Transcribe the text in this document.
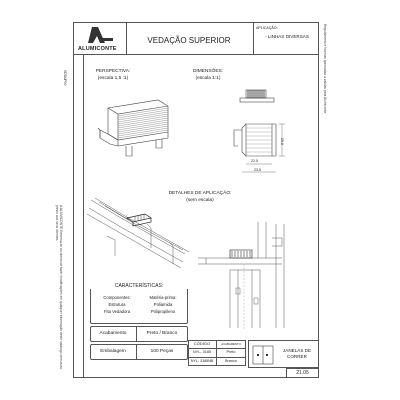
ALUMICONTE
VEDAÇÃO SUPERIOR
APLICAÇÃO:
- LINHAS DIVERSAS
VDSUP00	Regulamento e Normas aprovadas a validas pela Alumiconte
A ALUMICONTE Reserva-se ao direito de fazer modificações em qualquer informação deste catálogo sem aviso prévio aos seus clientes.
PERSPECTIVA:
(escala 1,5 :1)
DIMENSÕES:
(escala 1:1)
29,6
22,5
23,5
DETALHES DE APLICAÇÃO:
(sem escala)
CARACTERÍSTICAS:
Componentes:	Matéria-prima:
Estrutura	Poliamida
Fita Vedadora	Polipropileno
Acabamento	Preto / Branco
Embalagem	100 Peças
CÓDIGO	ACABAMENTO
NYL- 3185	Preto
NYL- 3185NB	Branco
JANELAS DE CORRER
21.05
